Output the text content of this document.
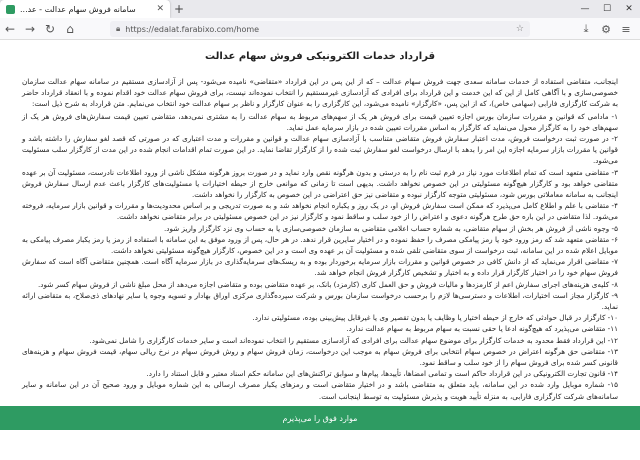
سامانه فروش سهام عدالت - عد...	✕ +	—	☐	✕
← → ↻ ⌂	🔒︎ https://edalat.farabixo.com/home	☆	⤓	⚙ ≡
قرارداد خدمات الکترونیکی فروش سهام عدالت

اینجانب، متقاضی استفاده از خدمات سامانه سعدی جهت فروش سهام عدالت – که از این پس در این قرارداد «متقاضی» نامیده می‌شود- پس از آزادسازی مستقیم در سامانه سهام عدالت سازمان خصوصی‌سازی و با آگاهی کامل از این که این خدمت و این قرارداد برای افرادی که آزادسازی غیرمستقیم را انتخاب نموده‌اند نیست، برای فروش سهام عدالت خود اقدام نموده و با انعقاد قرارداد حاضر به شرکت کارگزاری فارابی (سهامی خاص)، که از این پس، «کارگزار» نامیده می‌شود، این کارگزاری را به عنوان کارگزار و ناظر بر سهام عدالت خود انتخاب می‌نمایم. متن قرارداد به شرح ذیل است:

۱- مادامی که قوانین و مقررات سازمان بورس اجازه تعیین قیمت برای فروش هر یک از سهم‌های مربوط به سهام عدالت را به مشتری نمی‌دهد، متقاضی تعیین قیمت سفارش‌های فروش هر یک از سهم‌های خود را به کارگزار محول می‌نماید که کارگزار به اساس مقررات تعیین شده در بازار سرمایه عمل نماید.

۲- در صورت ثبت درخواست فروش، مدت اعتبار سفارش فروش متقاضی متناسب با آزادسازی سهام عدالت و قوانین و مقررات و مدت اعتباری که در صورتی که قصد لغو سفارش را داشته باشد و قوانین یا مقررات بازار سرمایه اجازه این امر را بدهد با ارسال درخواست لغو سفارش ثبت شده را از کارگزار تقاضا نماید. در این صورت تمام اقدامات انجام شده در این مدت از کارگزار سلب مسئولیت می‌شود.

۳- متقاضی متعهد است که تمام اطلاعات مورد نیاز در فرم ثبت نام را به درستی و بدون هرگونه نقص وارد نماید و در صورت بروز هرگونه مشکل ناشی از ورود اطلاعات نادرست، مسئولیت آن بر عهده متقاضی خواهد بود و کارگزار هیچ‌گونه مسئولیتی در این خصوص نخواهد داشت. بدیهی است تا زمانی که موانعی خارج از حیطه اختیارات یا مسئولیت‌های کارگزار باعث عدم ارسال سفارش فروش اینجانب به سامانه معاملاتی بورس شود، مسئولیتی متوجه کارگزار نبوده و متقاضی نیز حق اعتراضی در این خصوص به کارگزار را نخواهد داشت.

۴- متقاضی با علم و اطلاع کامل می‌پذیرد که ممکن است سفارش فروش او، در یک روز و یکباره انجام نخواهد شد و به صورت تدریجی و بر اساس محدودیت‌ها و مقررات و قوانین بازار سرمایه، فروخته می‌شود. لذا متقاضی در این باره حق طرح هرگونه دعوی و اعتراض را از خود سلب و ساقط نمود و کارگزار نیز در این خصوص مسئولیتی در برابر متقاضی نخواهد داشت.

۵- وجوه ناشی از فروش هر بخش از سهام متقاضی، به شماره حساب اعلامی متقاضی به سازمان خصوصی‌سازی یا به حساب وی نزد کارگزار واریز شود.

۶- متقاضی متعهد شد که رمز ورود خود یا رمز پیامکی مصرف را حفظ نموده و در اختیار سایرین قرار ندهد. در هر حال، پس از ورود موفق به این سامانه با استفاده از رمز یا رمز یکبار مصرف پیامکی به موبایل اعلام شده در این سامانه، ثبت درخواست از سوی متقاضی تلقی شده و مسئولیت آن بر عهده وی است و در این خصوص، کارگزار هیچ‌گونه مسئولیتی نخواهد داشت.

۷- متقاضی اقرار می‌نماید که از دانش کافی در خصوص قوانین و مقررات بازار سرمایه برخوردار بوده و به ریسک‌های سرمایه‌گذاری در بازار سرمایه آگاه است. همچنین متقاضی آگاه است که سفارش فروش سهام خود را در اختیار کارگزار قرار داده و به اختیار و تشخیص کارگزار فروش انجام خواهد شد.

۸- کلیه‌ی هزینه‌های اجرای سفارش اعم از کارمزدها و مالیات فروش و حق العمل کاری (کارمزد) بانک، بر عهده متقاضی بوده و متقاضی اجازه می‌دهد از محل مبلغ ناشی از فروش سهام کسر شود.

۹- کارگزار مجاز است اختیارات، اطلاعات و دسترسی‌ها لازم را برحسب درخواست سازمان بورس و شرکت سپرده‌گذاری مرکزی اوراق بهادار و تسویه وجوه یا سایر نهادهای ذی‌صلاح، به متقاضی ارائه نماید.

۱۰- کارگزار در قبال حوادثی که خارج از حیطه اختیار یا وظایف یا بدون تقصیر وی یا غیرقابل پیش‌بینی بوده، مسئولیتی ندارد.

۱۱- متقاضی می‌پذیرد که هیچ‌گونه ادعا یا حقی نسبت به سهام مربوط به سهام عدالت ندارد.

۱۲- این قرارداد فقط محدود به خدمات کارگزار برای موضوع سهام عدالت برای افرادی که آزادسازی مستقیم را انتخاب نموده‌اند است و سایر خدمات کارگزاری را شامل نمی‌شود.

۱۳- متقاضی حق هرگونه اعتراض در خصوص سهام انتخابی برای فروش سهام به موجب این درخواست، زمان فروش سهام و روش فروش سهام در نرخ ریالی سهام، قیمت فروش سهام و هزینه‌های قانونی کسر شده برای فروش سهام را از خود سلب و ساقط نمود.

۱۴- قانون تجارت الکترونیکی در این قرارداد حاکم است و تمامی امضاها، تأییدها، پیام‌ها و سوابق تراکنش‌های این سامانه حکم اسناد معتبر و قابل استناد را دارد.

۱۵- شماره موبایل وارد شده در این سامانه، باید متعلق به متقاضی باشد و در اختیار متقاضی است و رمزهای یکبار مصرف ارسالی به این شماره موبایل و ورود صحیح آن در این سامانه و سایر سامانه‌های شرکت کارگزاری فارابی، به منزله تأیید هویت و پذیرش مسئولیت به توسط اینجانب است.

موارد فوق را می‌پذیرم
